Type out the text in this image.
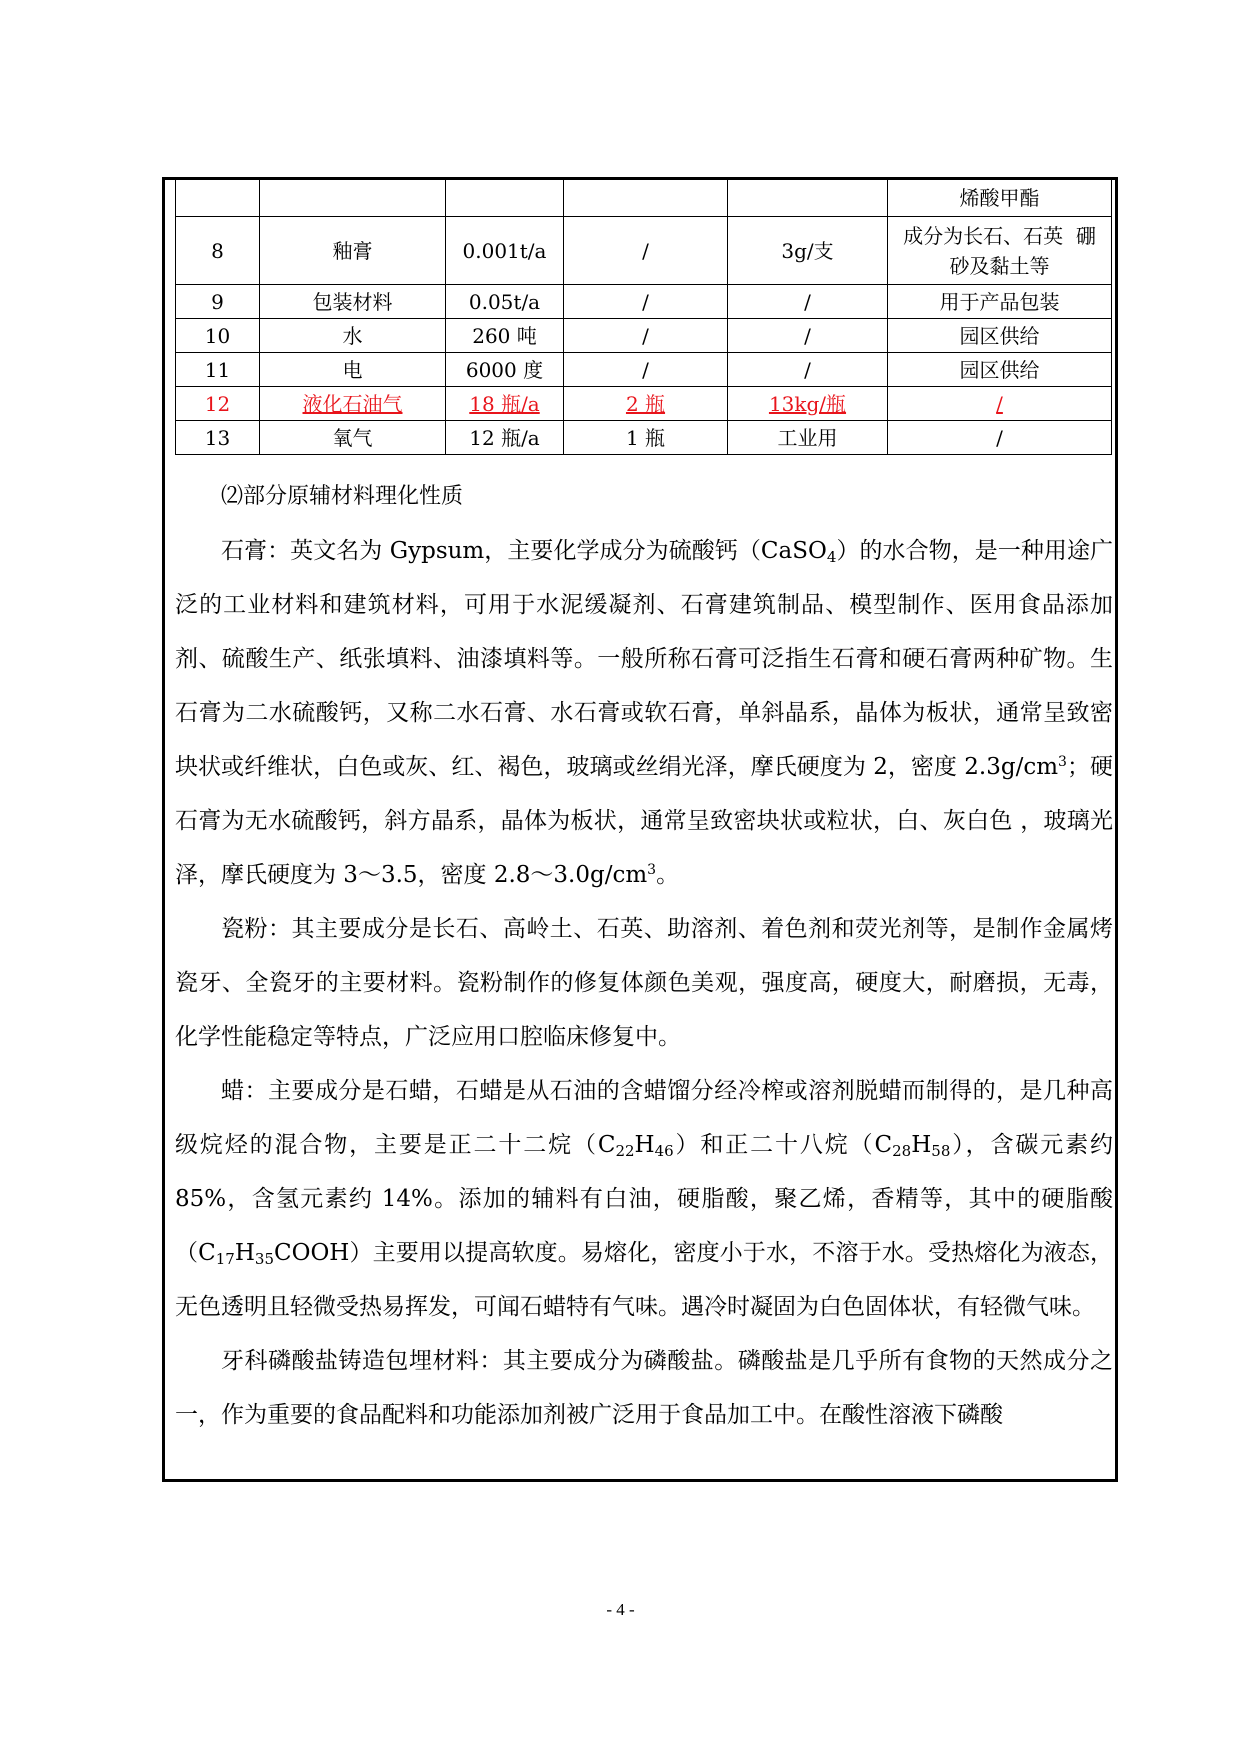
					烯酸甲酯
8	釉膏	0.001t/a	/	3g/支	成分为长石、石英  硼
砂及黏土等

9	包装材料	0.05t/a	/	/	用于产品包装
10	水	260 吨	/	/	园区供给
11	电	6000 度	/	/	园区供给
12	液化石油气	18 瓶/a	2 瓶	13kg/瓶	/
13	氧气	12 瓶/a	1 瓶	工业用	/

⑵部分原辅材料理化性质

石膏：英文名为 Gypsum，主要化学成分为硫酸钙（CaSO$_4$）的水合物，是一种用途广泛的工业材料和建筑材料，可用于水泥缓凝剂、石膏建筑制品、模型制作、医用食品添加剂、硫酸生产、纸张填料、油漆填料等。一般所称石膏可泛指生石膏和硬石膏两种矿物。生石膏为二水硫酸钙，又称二水石膏、水石膏或软石膏，单斜晶系，晶体为板状，通常呈致密块状或纤维状，白色或灰、红、褐色，玻璃或丝绢光泽，摩氏硬度为 2，密度 $2.3g/cm^3$；硬石膏为无水硫酸钙，斜方晶系，晶体为板状，通常呈致密块状或粒状，白、灰白色 ，玻璃光泽，摩氏硬度为 3～3.5，密度 $2.8\sim 3.0g/cm^3$。

瓷粉：其主要成分是长石、高岭土、石英、助溶剂、着色剂和荧光剂等，是制作金属烤瓷牙、全瓷牙的主要材料。瓷粉制作的修复体颜色美观，强度高，硬度大，耐磨损，无毒，化学性能稳定等特点，广泛应用口腔临床修复中。

蜡：主要成分是石蜡，石蜡是从石油的含蜡馏分经冷榨或溶剂脱蜡而制得的，是几种高级烷烃的混合物，主要是正二十二烷$(C_{22}H_{46})$和正二十八烷$(C_{28}H_{58})$，含碳元素约 85%，含氢元素约 14%。添加的辅料有白油，硬脂酸，聚乙烯，香精等，其中的硬脂酸$(C_{17}H_{35}COOH)$主要用以提高软度。易熔化，密度小于水，不溶于水。受热熔化为液态，无色透明且轻微受热易挥发，可闻石蜡特有气味。遇冷时凝固为白色固体状，有轻微气味。

牙科磷酸盐铸造包埋材料：其主要成分为磷酸盐。磷酸盐是几乎所有食物的天然成分之一，作为重要的食品配料和功能添加剂被广泛用于食品加工中。在酸性溶液下磷酸

- 4 -
